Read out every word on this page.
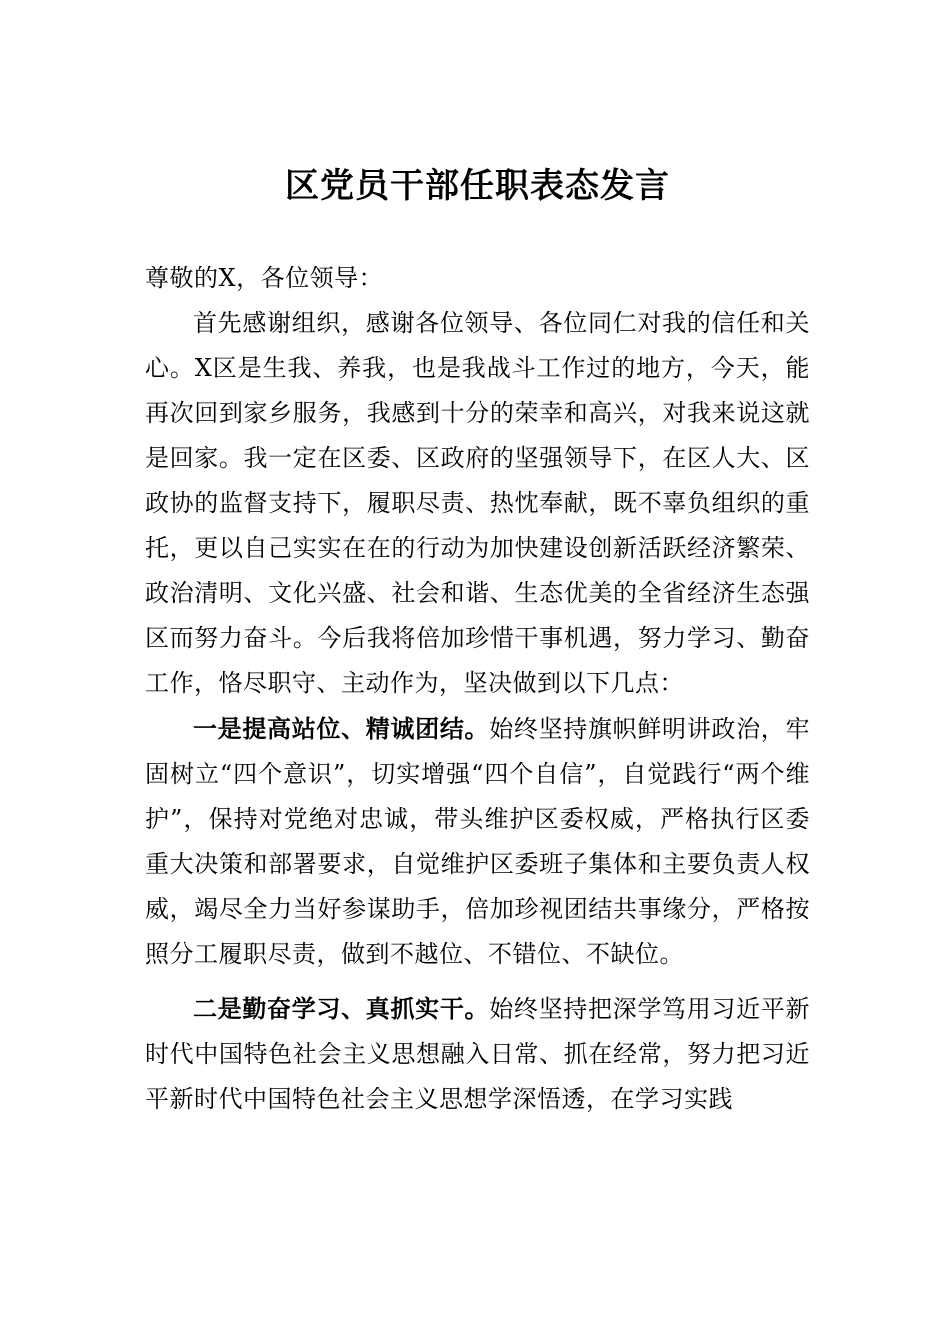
区党员干部任职表态发言

尊敬的X，各位领导：

首先感谢组织，感谢各位领导、各位同仁对我的信任和关心。X区是生我、养我，也是我战斗工作过的地方，今天，能再次回到家乡服务，我感到十分的荣幸和高兴，对我来说这就是回家。我一定在区委、区政府的坚强领导下，在区人大、区政协的监督支持下，履职尽责、热忱奉献，既不辜负组织的重托，更以自己实实在在的行动为加快建设创新活跃经济繁荣、政治清明、文化兴盛、社会和谐、生态优美的全省经济生态强区而努力奋斗。今后我将倍加珍惜干事机遇，努力学习、勤奋工作，恪尽职守、主动作为，坚决做到以下几点：

一是提高站位、精诚团结。始终坚持旗帜鲜明讲政治，牢固树立“四个意识”，切实增强“四个自信”，自觉践行“两个维护”，保持对党绝对忠诚，带头维护区委权威，严格执行区委重大决策和部署要求，自觉维护区委班子集体和主要负责人权威，竭尽全力当好参谋助手，倍加珍视团结共事缘分，严格按照分工履职尽责，做到不越位、不错位、不缺位。

二是勤奋学习、真抓实干。始终坚持把深学笃用习近平新时代中国特色社会主义思想融入日常、抓在经常，努力把习近平新时代中国特色社会主义思想学深悟透，在学习实践
